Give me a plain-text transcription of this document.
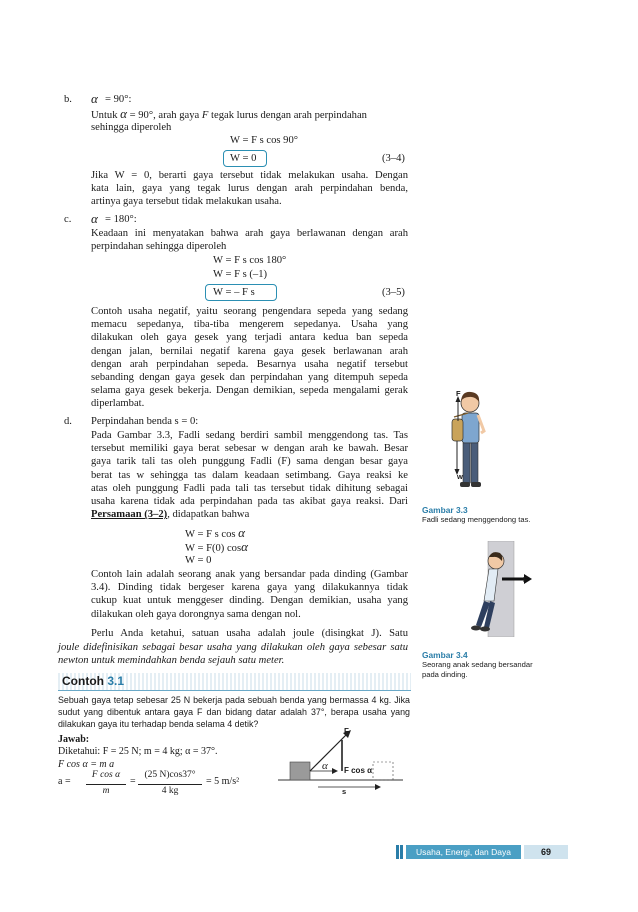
b. α = 90°:
Untuk α = 90°, arah gaya F tegak lurus dengan arah perpindahan
sehingga diperoleh
W = F s cos 90°
W = 0	(3–4)
Jika W = 0, berarti gaya tersebut tidak melakukan usaha. Dengan
kata lain, gaya yang tegak lurus dengan arah perpindahan benda,
artinya gaya tersebut tidak melakukan usaha.
c. α = 180°:
Keadaan ini menyatakan bahwa arah gaya berlawanan dengan arah
perpindahan sehingga diperoleh
W = F s cos 180°
W = F s (–1)
W = – F s	(3–5)
Contoh usaha negatif, yaitu seorang pengendara sepeda yang sedang
memacu sepedanya, tiba-tiba mengerem sepedanya. Usaha yang
dilakukan oleh gaya gesek yang terjadi antara kedua ban sepeda
dengan jalan, bernilai negatif karena gaya gesek berlawanan arah
dengan arah perpindahan sepeda. Besarnya usaha negatif tersebut
sebanding dengan gaya gesek dan perpindahan yang ditempuh sepeda
selama gaya gesek bekerja. Dengan demikian, sepeda mengalami gerak
diperlambat.
d. Perpindahan benda s = 0:
Pada Gambar 3.3, Fadli sedang berdiri sambil menggendong tas. Tas
tersebut memiliki gaya berat sebesar w dengan arah ke bawah. Besar
gaya tarik tali tas oleh punggung Fadli (F) sama dengan besar gaya
berat tas w sehingga tas dalam keadaan setimbang. Gaya reaksi ke
atas oleh punggung Fadli pada tali tas tersebut tidak dihitung sebagai
usaha karena tidak ada perpindahan pada tas akibat gaya reaksi. Dari
Persamaan (3–2), didapatkan bahwa
W = F s cos α
W = F(0) cosα
W = 0
Contoh lain adalah seorang anak yang bersandar pada dinding (Gambar
3.4). Dinding tidak bergeser karena gaya yang dilakukannya tidak
cukup kuat untuk menggeser dinding. Dengan demikian, usaha yang
dilakukan oleh gaya dorongnya sama dengan nol.
Perlu Anda ketahui, satuan usaha adalah joule (disingkat J). Satu
joule didefinisikan sebagai besar usaha yang dilakukan oleh gaya sebesar satu
newton untuk memindahkan benda sejauh satu meter.
F
w
Gambar 3.3
Fadli sedang menggendong tas.
F
Gambar 3.4
Seorang anak sedang bersandar
pada dinding.
Contoh 3.1
Sebuah gaya tetap sebesar 25 N bekerja pada sebuah benda yang bermassa 4 kg. Jika
sudut yang dibentuk antara gaya F dan bidang datar adalah 37°, berapa usaha yang
dilakukan gaya itu terhadap benda selama 4 detik?
Jawab:
Diketahui: F = 25 N; m = 4 kg; α = 37°.
F cos α = m a
a =
F cos α
m
=
(25 N)cos37°
4 kg
= 5 m/s²
F
α F cos α
s
Usaha, Energi, dan Daya	69
